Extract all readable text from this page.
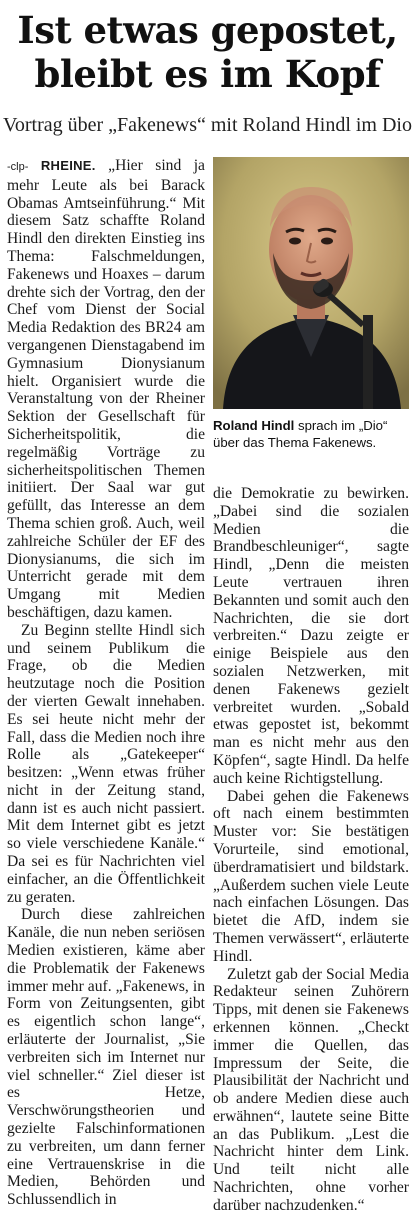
Ist etwas gepostet,
bleibt es im Kopf
Vortrag über „Fakenews“ mit Roland Hindl im Dio

-clp- RHEINE. „Hier sind ja mehr Leute als bei Barack Obamas Amtseinführung.“ Mit diesem Satz schaffte Roland Hindl den direkten Einstieg ins Thema: Falschmeldungen, Fakenews und Hoaxes – darum drehte sich der Vortrag, den der Chef vom Dienst der Social Media Redaktion des BR24 am vergangenen Dienstagabend im Gymnasium Dionysianum hielt. Organisiert wurde die Veranstaltung von der Rheiner Sektion der Gesellschaft für Sicherheitspolitik, die regelmäßig Vorträge zu sicherheitspolitischen Themen initiiert. Der Saal war gut gefüllt, das Interesse an dem Thema schien groß. Auch, weil zahlreiche Schüler der EF des Dionysianums, die sich im Unterricht gerade mit dem Umgang mit Medien beschäftigen, dazu kamen.

Zu Beginn stellte Hindl sich und seinem Publikum die Frage, ob die Medien heutzutage noch die Position der vierten Gewalt innehaben. Es sei heute nicht mehr der Fall, dass die Medien noch ihre Rolle als „Gatekeeper“ besitzen: „Wenn etwas früher nicht in der Zeitung stand, dann ist es auch nicht passiert. Mit dem Internet gibt es jetzt so viele verschiedene Kanäle.“ Da sei es für Nachrichten viel einfacher, an die Öffentlichkeit zu geraten.

Durch diese zahlreichen Kanäle, die nun neben seriösen Medien existieren, käme aber die Problematik der Fakenews immer mehr auf. „Fakenews, in Form von Zeitungsenten, gibt es eigentlich schon lange“, erläuterte der Journalist, „Sie verbreiten sich im Internet nur viel schneller.“ Ziel dieser ist es Hetze, Verschwörungstheorien und gezielte Falschinformationen zu verbreiten, um dann ferner eine Vertrauenskrise in die Medien, Behörden und Schlussendlich in

Roland Hindl sprach im „Dio“ über das Thema Fakenews.

die Demokratie zu bewirken. „Dabei sind die sozialen Medien die Brandbeschleuniger“, sagte Hindl, „Denn die meisten Leute vertrauen ihren Bekannten und somit auch den Nachrichten, die sie dort verbreiten.“ Dazu zeigte er einige Beispiele aus den sozialen Netzwerken, mit denen Fakenews gezielt verbreitet wurden. „Sobald etwas gepostet ist, bekommt man es nicht mehr aus den Köpfen“, sagte Hindl. Da helfe auch keine Richtigstellung.

Dabei gehen die Fakenews oft nach einem bestimmten Muster vor: Sie bestätigen Vorurteile, sind emotional, überdramatisiert und bildstark. „Außerdem suchen viele Leute nach einfachen Lösungen. Das bietet die AfD, indem sie Themen verwässert“, erläuterte Hindl.

Zuletzt gab der Social Media Redakteur seinen Zuhörern Tipps, mit denen sie Fakenews erkennen können. „Checkt immer die Quellen, das Impressum der Seite, die Plausibilität der Nachricht und ob andere Medien diese auch erwähnen“, lautete seine Bitte an das Publikum. „Lest die Nachricht hinter dem Link. Und teilt nicht alle Nachrichten, ohne vorher darüber nachzudenken.“
